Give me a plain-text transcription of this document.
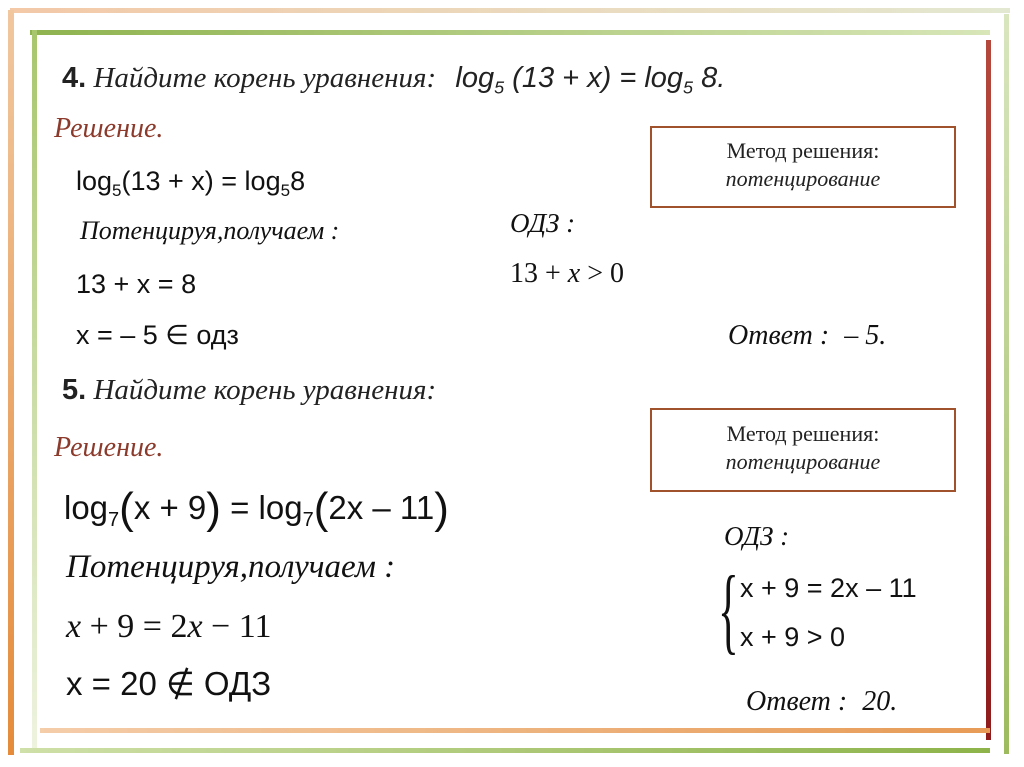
4. Найдите корень уравнения: $\log_5 (13 + x) = \log_5 8$.
Решение.
Метод решения:
потенцирование
$\log_5(13 + x) = \log_58$
Потенцируя,получаем :
13 + x = 8
x = – 5 ∈ одз
ОДЗ :
13 + x > 0
Ответ : – 5.
5. Найдите корень уравнения:
Решение.	Метод решения:
потенцирование
$\log_7(x + 9) = \log_7(2x - 11)$
Потенцируя,получаем :
x + 9 = 2x − 11
x = 20 ∉ ОДЗ
ОДЗ :
{ x + 9 = 2x – 11
x + 9 > 0
Ответ : 20.
